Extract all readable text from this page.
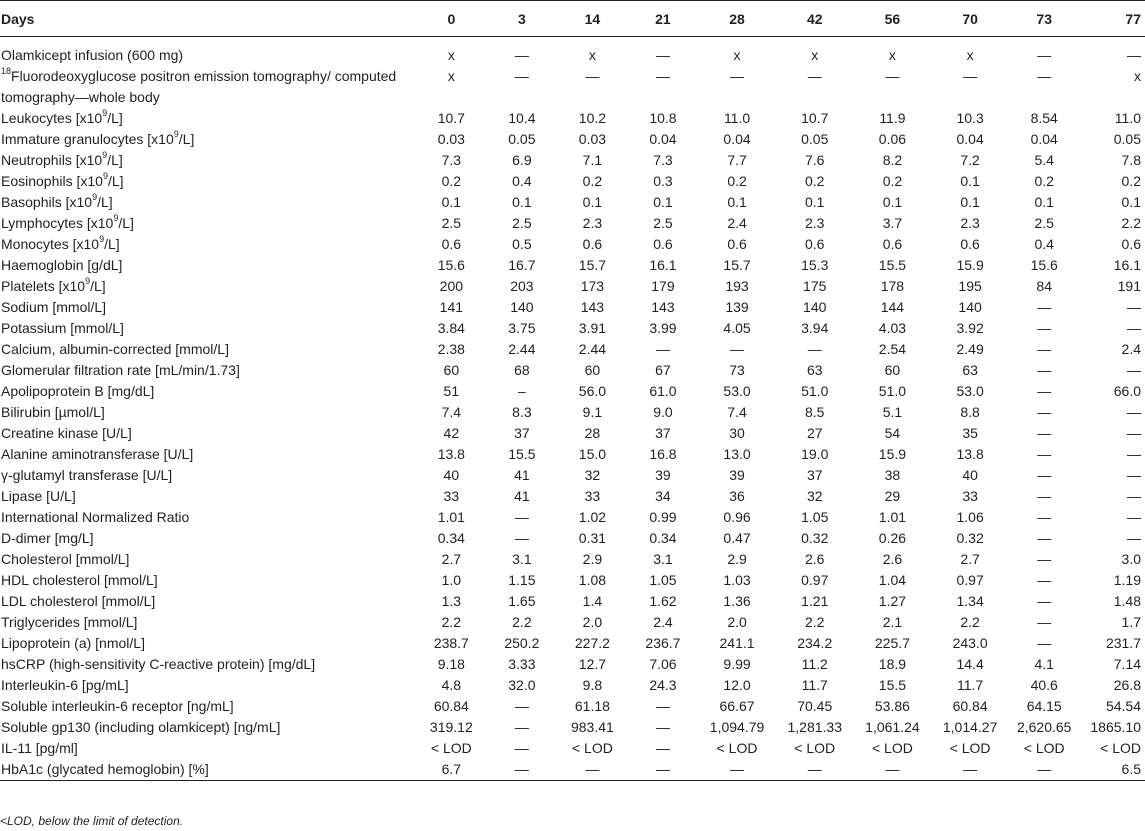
Days	0	3	14	21	28	42	56	70	73	77

Olamkicept infusion (600 mg)	x	—	x	—	x	x	x	x	—	—
$^{18}$Fluorodeoxyglucose positron emission tomography/ computed tomography—whole body	x	—	—	—	—	—	—	—	—	x
Leukocytes $[x10^9/L]$	10.7	10.4	10.2	10.8	11.0	10.7	11.9	10.3	8.54	11.0
Immature granulocytes $[x10^9/L]$	0.03	0.05	0.03	0.04	0.04	0.05	0.06	0.04	0.04	0.05
Neutrophils $[x10^9/L]$	7.3	6.9	7.1	7.3	7.7	7.6	8.2	7.2	5.4	7.8
Eosinophils $[x10^9/L]$	0.2	0.4	0.2	0.3	0.2	0.2	0.2	0.1	0.2	0.2
Basophils $[x10^9/L]$	0.1	0.1	0.1	0.1	0.1	0.1	0.1	0.1	0.1	0.1
Lymphocytes $[x10^9/L]$	2.5	2.5	2.3	2.5	2.4	2.3	3.7	2.3	2.5	2.2
Monocytes $[x10^9/L]$	0.6	0.5	0.6	0.6	0.6	0.6	0.6	0.6	0.4	0.6
Haemoglobin [g/dL]	15.6	16.7	15.7	16.1	15.7	15.3	15.5	15.9	15.6	16.1
Platelets $[x10^9/L]$	200	203	173	179	193	175	178	195	84	191
Sodium [mmol/L]	141	140	143	143	139	140	144	140	—	—
Potassium [mmol/L]	3.84	3.75	3.91	3.99	4.05	3.94	4.03	3.92	—	—
Calcium, albumin-corrected [mmol/L]	2.38	2.44	2.44	—	—	—	2.54	2.49	—	2.4
Glomerular filtration rate [mL/min/1.73]	60	68	60	67	73	63	60	63	—	—
Apolipoprotein B [mg/dL]	51	–	56.0	61.0	53.0	51.0	51.0	53.0	—	66.0
Bilirubin [µmol/L]	7.4	8.3	9.1	9.0	7.4	8.5	5.1	8.8	—	—
Creatine kinase [U/L]	42	37	28	37	30	27	54	35	—	—
Alanine aminotransferase [U/L]	13.8	15.5	15.0	16.8	13.0	19.0	15.9	13.8	—	—
γ-glutamyl transferase [U/L]	40	41	32	39	39	37	38	40	—	—
Lipase [U/L]	33	41	33	34	36	32	29	33	—	—
International Normalized Ratio	1.01	—	1.02	0.99	0.96	1.05	1.01	1.06	—	—
D-dimer [mg/L]	0.34	—	0.31	0.34	0.47	0.32	0.26	0.32	—	—
Cholesterol [mmol/L]	2.7	3.1	2.9	3.1	2.9	2.6	2.6	2.7	—	3.0
HDL cholesterol [mmol/L]	1.0	1.15	1.08	1.05	1.03	0.97	1.04	0.97	—	1.19
LDL cholesterol [mmol/L]	1.3	1.65	1.4	1.62	1.36	1.21	1.27	1.34	—	1.48
Triglycerides [mmol/L]	2.2	2.2	2.0	2.4	2.0	2.2	2.1	2.2	—	1.7
Lipoprotein (a) [nmol/L]	238.7	250.2	227.2	236.7	241.1	234.2	225.7	243.0	—	231.7
hsCRP (high-sensitivity C-reactive protein) [mg/dL]	9.18	3.33	12.7	7.06	9.99	11.2	18.9	14.4	4.1	7.14
Interleukin-6 [pg/mL]	4.8	32.0	9.8	24.3	12.0	11.7	15.5	11.7	40.6	26.8
Soluble interleukin-6 receptor [ng/mL]	60.84	—	61.18	—	66.67	70.45	53.86	60.84	64.15	54.54
Soluble gp130 (including olamkicept) [ng/mL]	319.12	—	983.41	—	1,094.79	1,281.33	1,061.24	1,014.27	2,620.65	1865.10
IL-11 [pg/ml]	< LOD	—	< LOD	—	< LOD	< LOD	< LOD	< LOD	< LOD	< LOD
HbA1c (glycated hemoglobin) [%]	6.7	—	—	—	—	—	—	—	—	6.5
<LOD, below the limit of detection.
